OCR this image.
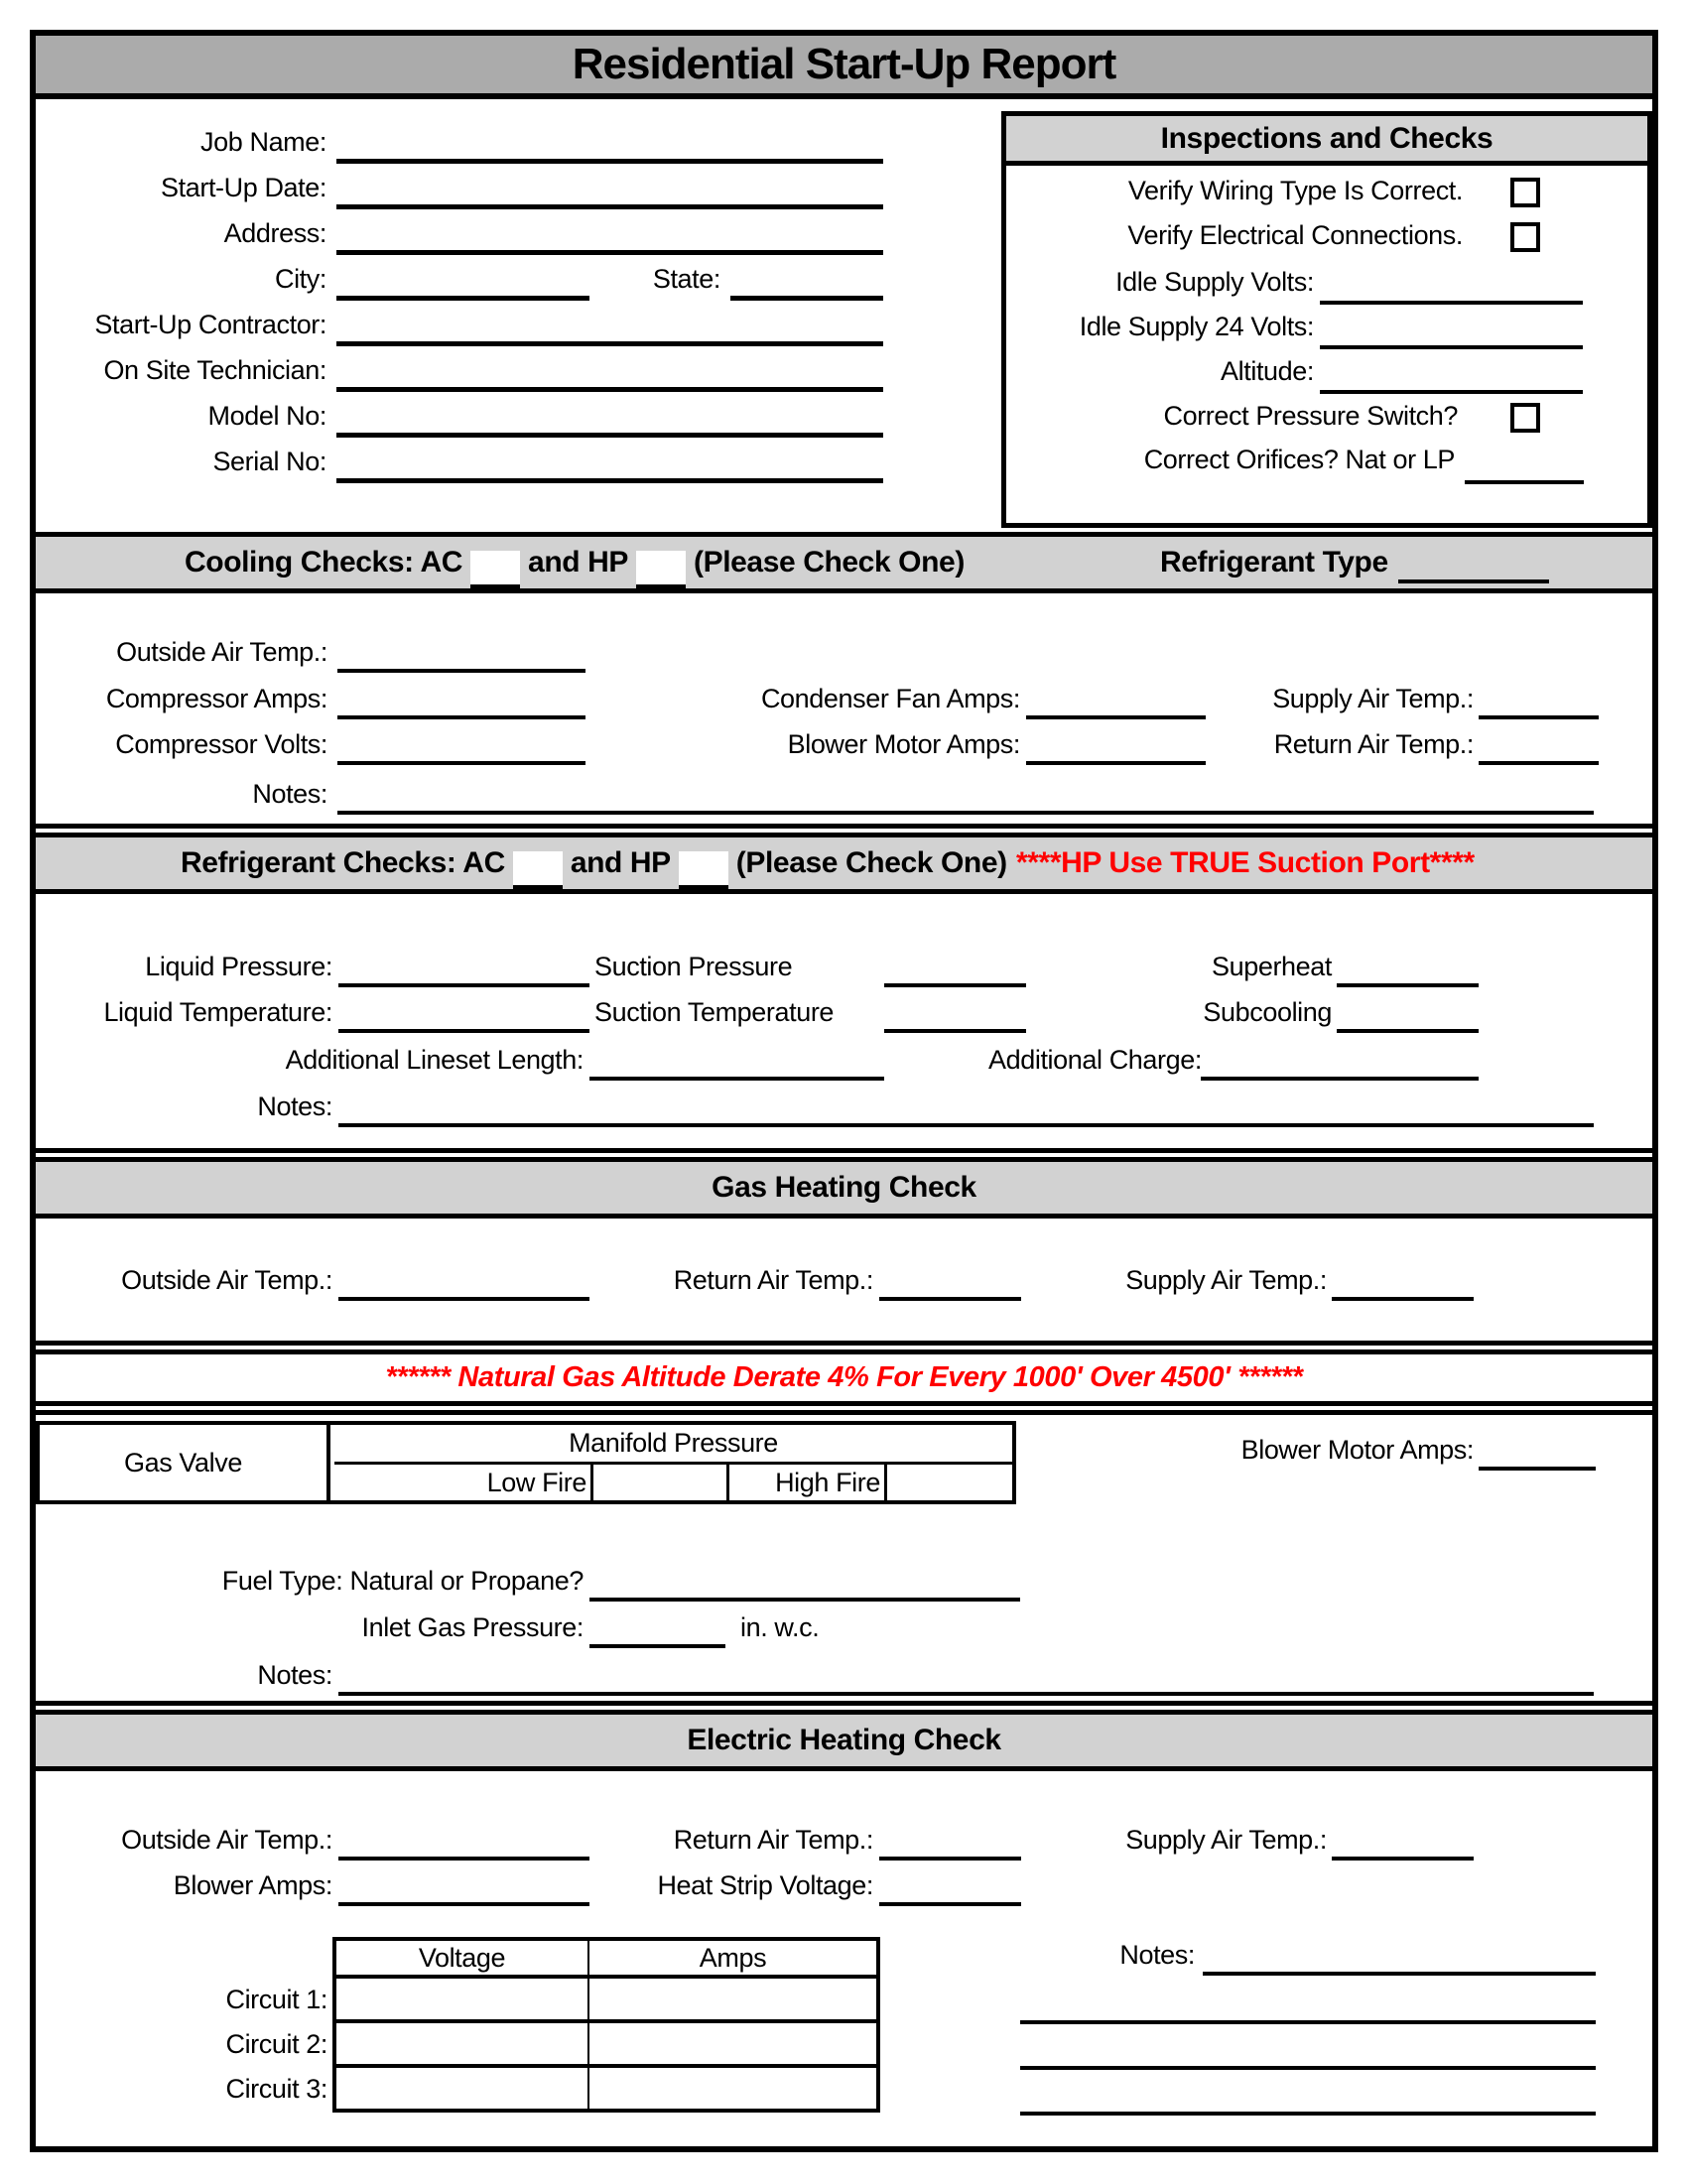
Residential Start-Up Report
Job Name:
Start-Up Date:
Address:
City:	State:
Start-Up Contractor:
On Site Technician:
Model No:
Serial No:
Inspections and Checks
Verify Wiring Type Is Correct.
Verify Electrical Connections.
Idle Supply Volts:
Idle Supply 24 Volts:
Altitude:
Correct Pressure Switch?
Correct Orifices? Nat or LP
Cooling Checks: AC and HP (Please Check One)	Refrigerant Type
Outside Air Temp.:
Compressor Amps:	Condenser Fan Amps:	Supply Air Temp.:
Compressor Volts:	Blower Motor Amps:	Return Air Temp.:
Notes:
Refrigerant Checks: AC and HP (Please Check One) ****HP Use TRUE Suction Port****
Liquid Pressure:	Suction Pressure	Superheat
Liquid Temperature:	Suction Temperature	Subcooling
Additional Lineset Length:	Additional Charge:
Notes:
Gas Heating Check
Outside Air Temp.:	Return Air Temp.:	Supply Air Temp.:
****** Natural Gas Altitude Derate 4% For Every 1000' Over 4500' ******
Gas Valve
Manifold Pressure
Low Fire	High Fire
Blower Motor Amps:
Fuel Type: Natural or Propane?
Inlet Gas Pressure:	in. w.c.
Notes:
Electric Heating Check
Outside Air Temp.:	Return Air Temp.:	Supply Air Temp.:
Blower Amps:	Heat Strip Voltage:
Voltage	Amps
Circuit 1:
Circuit 2:
Circuit 3:
Notes:
